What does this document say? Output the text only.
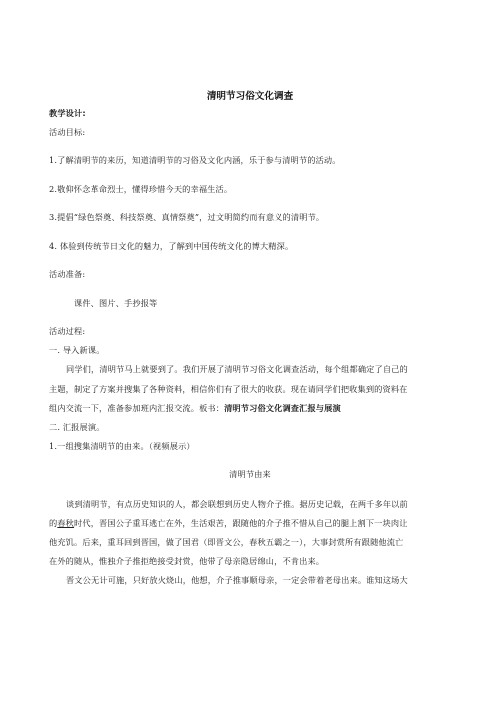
清明节习俗文化调查
教学设计:
活动目标:
1.了解清明节的来历，知道清明节的习俗及文化内涵，乐于参与清明节的活动。
2.敬仰怀念革命烈士，懂得珍惜今天的幸福生活。
3.提倡“绿色祭奠、科技祭奠、真情祭奠”，过文明简约而有意义的清明节。
4. 体验到传统节日文化的魅力，了解到中国传统文化的博大精深。
活动准备:
课件、图片、手抄报等
活动过程:
一. 导入新课。
同学们，清明节马上就要到了。我们开展了清明节习俗文化调查活动，每个组都确定了自己的
主题，制定了方案并搜集了各种资料，相信你们有了很大的收获。现在请同学们把收集到的资料在
组内交流一下，准备参加班内汇报交流。板书：清明节习俗文化调查汇报与展演
二. 汇报展演。
1.一组搜集清明节的由来。（视频展示）
清明节由来
谈到清明节，有点历史知识的人，都会联想到历史人物介子推。据历史记载，在两千多年以前
的春秋时代，晋国公子重耳逃亡在外，生活艰苦，跟随他的介子推不惜从自己的腿上割下一块肉让
他充饥。后来，重耳回到晋国，做了国君（即晋文公，春秋五霸之一），大事封赏所有跟随他流亡
在外的随从，惟独介子推拒绝接受封赏，他带了母亲隐居绵山，不肯出来。
晋文公无计可施，只好放火烧山，他想，介子推事顺母亲，一定会带着老母出来。谁知这场大
